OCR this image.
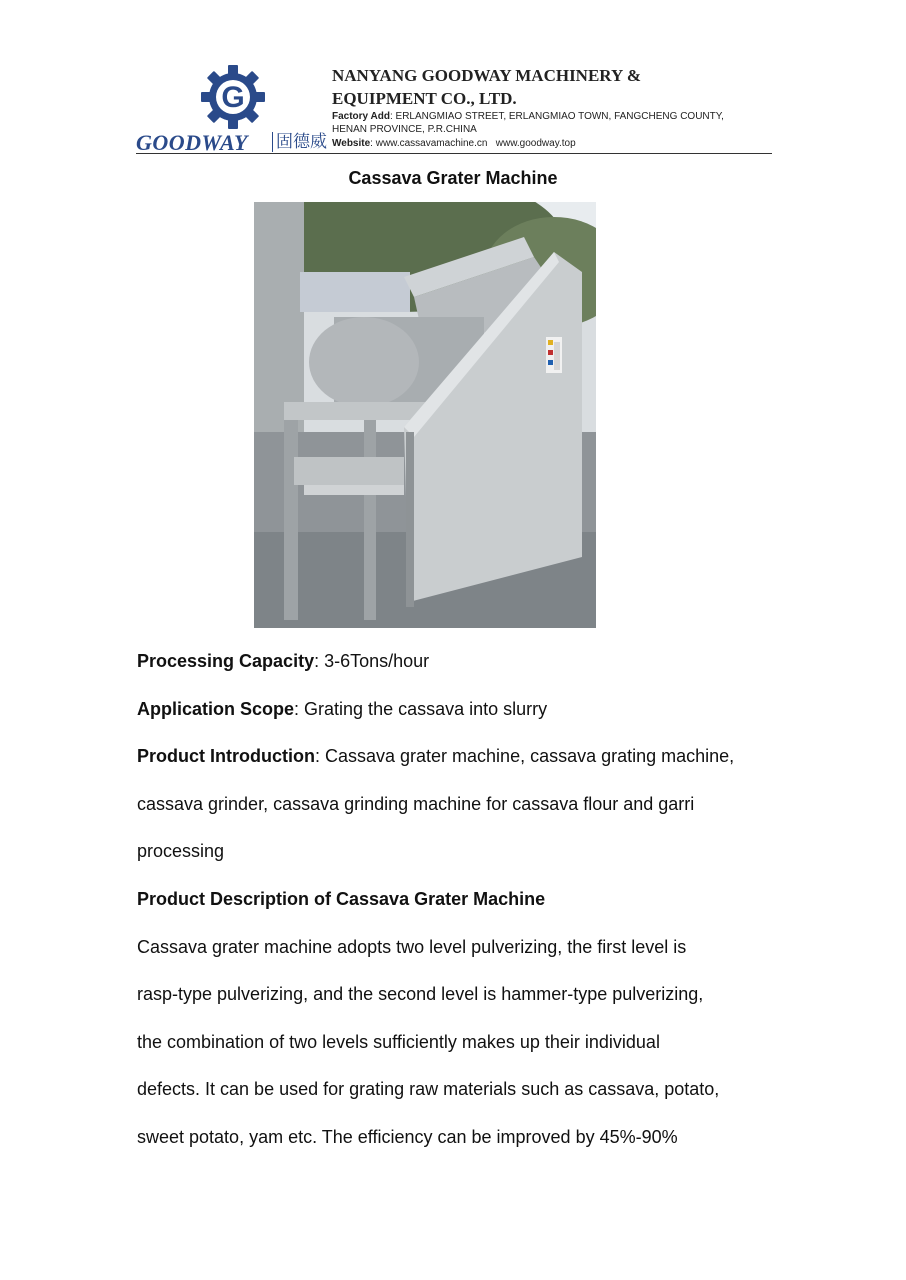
G
GOODWAY 固德威
NANYANG GOODWAY MACHINERY &
EQUIPMENT CO., LTD.
Factory Add: ERLANGMIAO STREET, ERLANGMIAO TOWN, FANGCHENG COUNTY,
HENAN PROVINCE, P.R.CHINA
Website: www.cassavamachine.cn   www.goodway.top
Cassava Grater Machine

Processing Capacity: 3-6Tons/hour

Application Scope: Grating the cassava into slurry

Product Introduction: Cassava grater machine, cassava grating machine,

cassava grinder, cassava grinding machine for cassava flour and garri

processing

Product Description of Cassava Grater Machine

Cassava grater machine adopts two level pulverizing, the first level is

rasp-type pulverizing, and the second level is hammer-type pulverizing,

the combination of two levels sufficiently makes up their individual

defects. It can be used for grating raw materials such as cassava, potato,

sweet potato, yam etc. The efficiency can be improved by 45%-90%
